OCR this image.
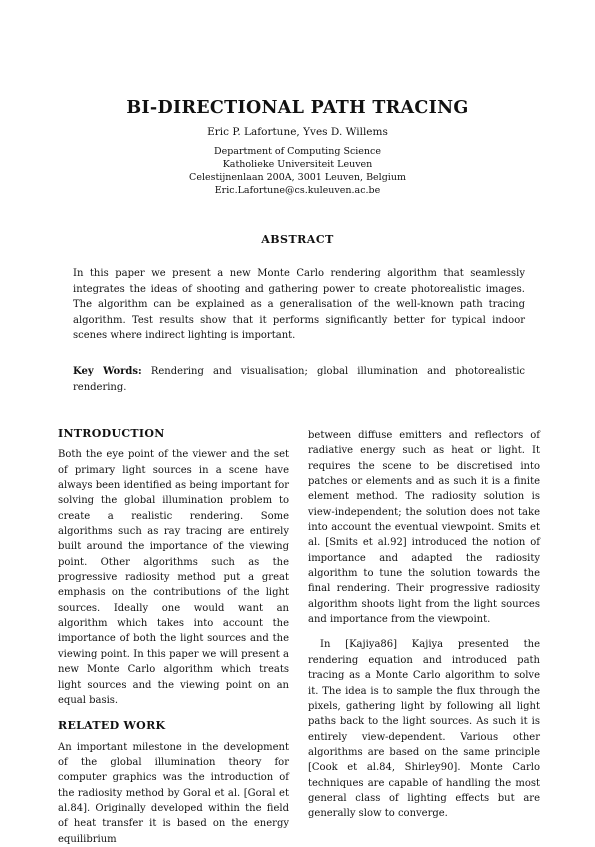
BI-DIRECTIONAL PATH TRACING
Eric P. Lafortune, Yves D. Willems
Department of Computing Science
Katholieke Universiteit Leuven
Celestijnenlaan 200A, 3001 Leuven, Belgium
Eric.Lafortune@cs.kuleuven.ac.be
ABSTRACT

In this paper we present a new Monte Carlo rendering algorithm that seamlessly integrates the ideas of shooting and gathering power to create photorealistic images. The algorithm can be explained as a generalisation of the well-known path tracing algorithm. Test results show that it performs significantly better for typical indoor scenes where indirect lighting is important.

Key Words: Rendering and visualisation; global illumination and photorealistic rendering.

INTRODUCTION

Both the eye point of the viewer and the set of primary light sources in a scene have always been identified as being important for solving the global illumination problem to create a realistic rendering. Some algorithms such as ray tracing are entirely built around the importance of the viewing point. Other algorithms such as the progressive radiosity method put a great emphasis on the contributions of the light sources. Ideally one would want an algorithm which takes into account the importance of both the light sources and the viewing point. In this paper we will present a new Monte Carlo algorithm which treats light sources and the viewing point on an equal basis.

RELATED WORK

An important milestone in the development of the global illumination theory for computer graphics was the introduction of the radiosity method by Goral et al. [Goral et al.84]. Originally developed within the field of heat transfer it is based on the energy equilibrium

between diffuse emitters and reflectors of radiative energy such as heat or light. It requires the scene to be discretised into patches or elements and as such it is a finite element method. The radiosity solution is view-independent; the solution does not take into account the eventual viewpoint. Smits et al. [Smits et al.92] introduced the notion of importance and adapted the radiosity algorithm to tune the solution towards the final rendering. Their progressive radiosity algorithm shoots light from the light sources and importance from the viewpoint.

In [Kajiya86] Kajiya presented the rendering equation and introduced path tracing as a Monte Carlo algorithm to solve it. The idea is to sample the flux through the pixels, gathering light by following all light paths back to the light sources. As such it is entirely view-dependent. Various other algorithms are based on the same principle [Cook et al.84, Shirley90]. Monte Carlo techniques are capable of handling the most general class of lighting effects but are generally slow to converge.
